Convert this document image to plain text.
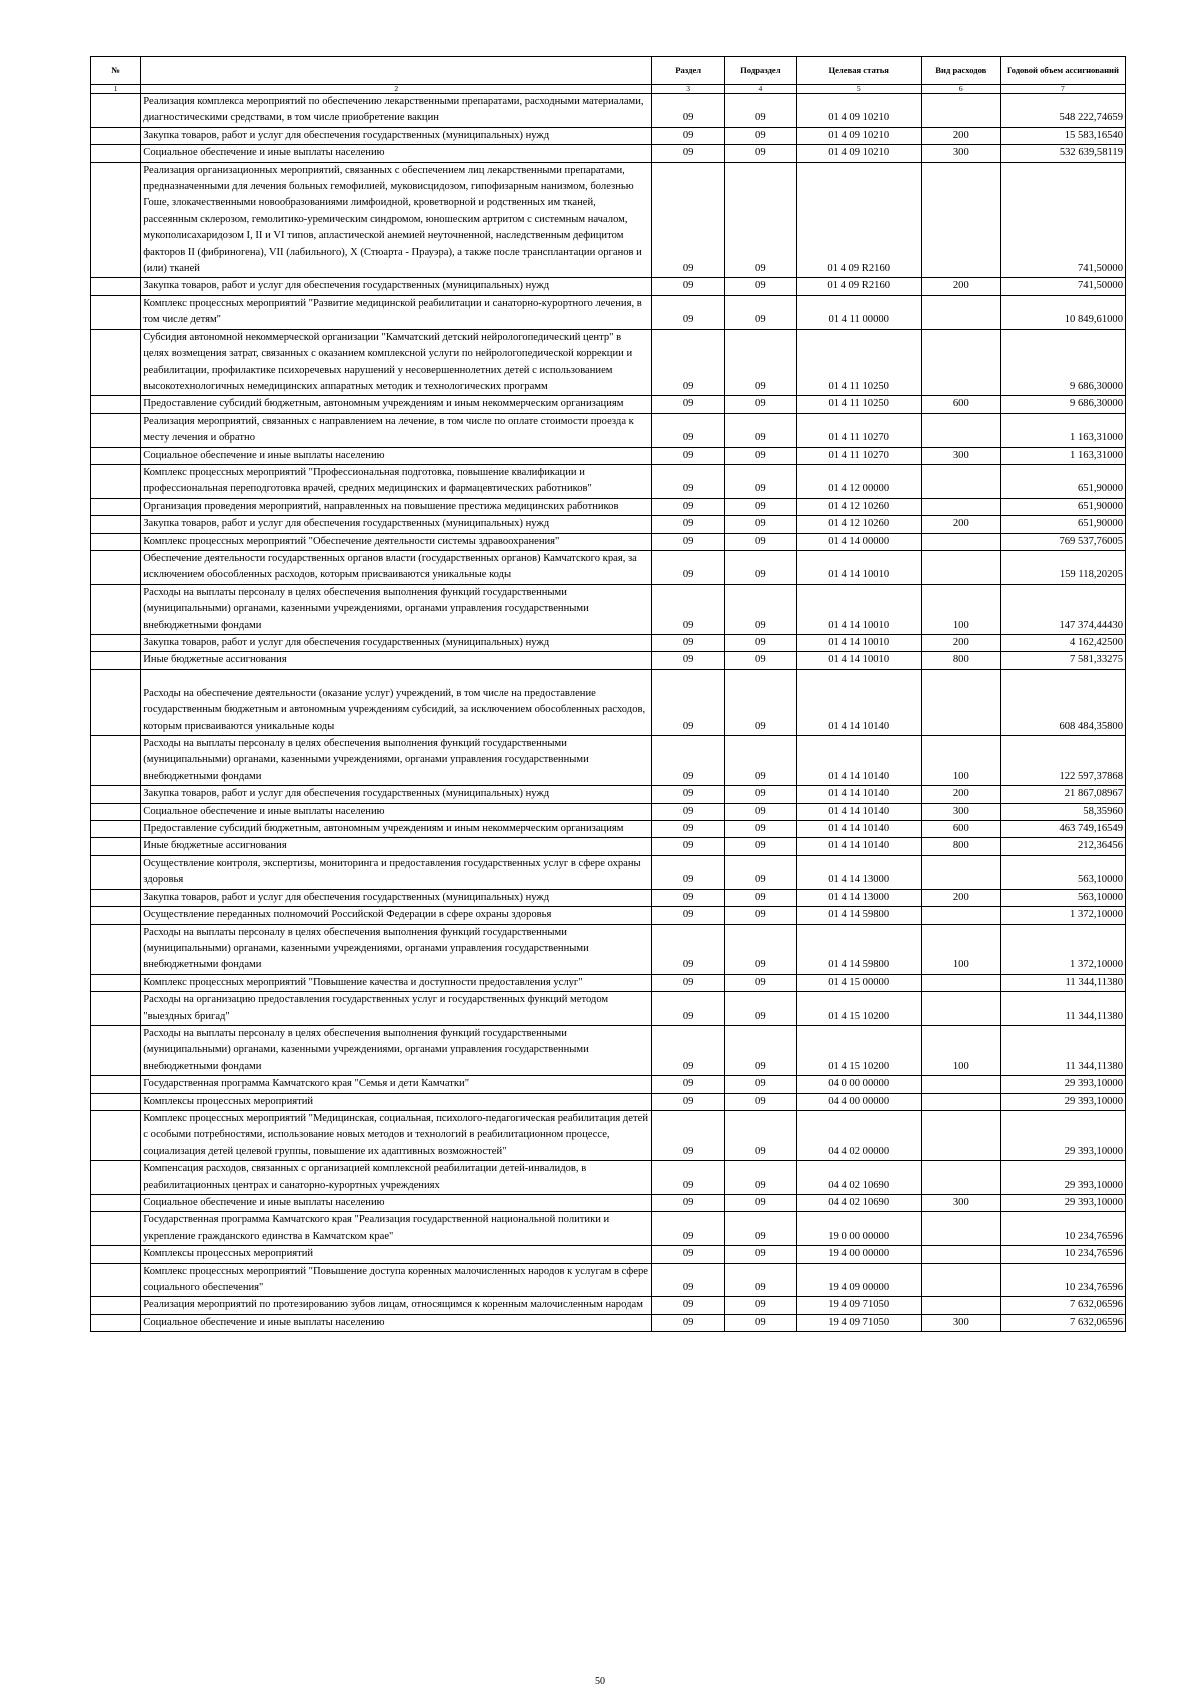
№		Раздел	Подраздел	Целевая статья	Вид расходов	Годовой объем ассигнований
1	2	3	4	5	6	7
	Реализация комплекса мероприятий по обеспечению лекарственными препаратами, расходными материалами, диагностическими средствами, в том числе приобретение вакцин	09	09	01 4 09 10210		548 222,74659
	Закупка товаров, работ и услуг для обеспечения государственных (муниципальных) нужд	09	09	01 4 09 10210	200	15 583,16540
	Социальное обеспечение и иные выплаты населению	09	09	01 4 09 10210	300	532 639,58119
	Реализация организационных мероприятий, связанных с обеспечением лиц лекарственными препаратами, предназначенными для лечения больных гемофилией, муковисцидозом, гипофизарным нанизмом, болезнью Гоше, злокачественными новообразованиями лимфоидной, кроветворной и родственных им тканей, рассеянным склерозом, гемолитико-уремическим синдромом, юношеским артритом с системным началом, мукополисахаридозом I, II и VI типов, апластической анемией неуточненной, наследственным дефицитом факторов II (фибриногена), VII (лабильного), X (Стюарта - Прауэра), а также после трансплантации органов и (или) тканей	09	09	01 4 09 R2160		741,50000
	Закупка товаров, работ и услуг для обеспечения государственных (муниципальных) нужд	09	09	01 4 09 R2160	200	741,50000
	Комплекс процессных мероприятий "Развитие медицинской реабилитации и санаторно-курортного лечения, в том числе детям"	09	09	01 4 11 00000		10 849,61000
	Субсидия автономной некоммерческой организации "Камчатский детский нейрологопедический центр" в целях возмещения затрат, связанных с оказанием комплексной услуги по нейрологопедической коррекции и реабилитации, профилактике психоречевых нарушений у несовершеннолетних детей с использованием высокотехнологичных немедицинских аппаратных методик и технологических программ	09	09	01 4 11 10250		9 686,30000
	Предоставление субсидий бюджетным, автономным учреждениям и иным некоммерческим организациям	09	09	01 4 11 10250	600	9 686,30000
	Реализация мероприятий, связанных с направлением на лечение, в том числе по оплате стоимости проезда к месту лечения и обратно	09	09	01 4 11 10270		1 163,31000
	Социальное обеспечение и иные выплаты населению	09	09	01 4 11 10270	300	1 163,31000
	Комплекс процессных мероприятий "Профессиональная подготовка, повышение квалификации и профессиональная переподготовка врачей, средних медицинских и фармацевтических работников"	09	09	01 4 12 00000		651,90000
	Организация проведения мероприятий, направленных на повышение престижа медицинских работников	09	09	01 4 12 10260		651,90000
	Закупка товаров, работ и услуг для обеспечения государственных (муниципальных) нужд	09	09	01 4 12 10260	200	651,90000
	Комплекс процессных мероприятий "Обеспечение деятельности системы здравоохранения"	09	09	01 4 14 00000		769 537,76005
	Обеспечение деятельности государственных органов власти (государственных органов) Камчатского края, за исключением обособленных расходов, которым присваиваются уникальные коды	09	09	01 4 14 10010		159 118,20205
	Расходы на выплаты персоналу в целях обеспечения выполнения функций государственными (муниципальными) органами, казенными учреждениями, органами управления государственными внебюджетными фондами	09	09	01 4 14 10010	100	147 374,44430
	Закупка товаров, работ и услуг для обеспечения государственных (муниципальных) нужд	09	09	01 4 14 10010	200	4 162,42500
	Иные бюджетные ассигнования	09	09	01 4 14 10010	800	7 581,33275
	Расходы на обеспечение деятельности (оказание услуг) учреждений, в том числе на предоставление государственным бюджетным и автономным учреждениям субсидий, за исключением обособленных расходов, которым присваиваются уникальные коды	09	09	01 4 14 10140		608 484,35800
	Расходы на выплаты персоналу в целях обеспечения выполнения функций государственными (муниципальными) органами, казенными учреждениями, органами управления государственными внебюджетными фондами	09	09	01 4 14 10140	100	122 597,37868
	Закупка товаров, работ и услуг для обеспечения государственных (муниципальных) нужд	09	09	01 4 14 10140	200	21 867,08967
	Социальное обеспечение и иные выплаты населению	09	09	01 4 14 10140	300	58,35960
	Предоставление субсидий бюджетным, автономным учреждениям и иным некоммерческим организациям	09	09	01 4 14 10140	600	463 749,16549
	Иные бюджетные ассигнования	09	09	01 4 14 10140	800	212,36456
	Осуществление контроля, экспертизы, мониторинга и предоставления государственных услуг в сфере охраны здоровья	09	09	01 4 14 13000		563,10000
	Закупка товаров, работ и услуг для обеспечения государственных (муниципальных) нужд	09	09	01 4 14 13000	200	563,10000
	Осуществление переданных полномочий Российской Федерации в сфере охраны здоровья	09	09	01 4 14 59800		1 372,10000
	Расходы на выплаты персоналу в целях обеспечения выполнения функций государственными (муниципальными) органами, казенными учреждениями, органами управления государственными внебюджетными фондами	09	09	01 4 14 59800	100	1 372,10000
	Комплекс процессных мероприятий "Повышение качества и доступности предоставления услуг"	09	09	01 4 15 00000		11 344,11380
	Расходы на организацию предоставления государственных услуг и государственных функций методом "выездных бригад"	09	09	01 4 15 10200		11 344,11380
	Расходы на выплаты персоналу в целях обеспечения выполнения функций государственными (муниципальными) органами, казенными учреждениями, органами управления государственными внебюджетными фондами	09	09	01 4 15 10200	100	11 344,11380
	Государственная программа Камчатского края "Семья и дети Камчатки"	09	09	04 0 00 00000		29 393,10000
	Комплексы процессных мероприятий	09	09	04 4 00 00000		29 393,10000
	Комплекс процессных мероприятий "Медицинская, социальная, психолого-педагогическая реабилитация детей с особыми потребностями, использование новых методов и технологий в реабилитационном процессе, социализация детей целевой группы, повышение их адаптивных возможностей"	09	09	04 4 02 00000		29 393,10000
	Компенсация расходов, связанных с организацией комплексной реабилитации детей-инвалидов, в реабилитационных центрах и санаторно-курортных учреждениях	09	09	04 4 02 10690		29 393,10000
	Социальное обеспечение и иные выплаты населению	09	09	04 4 02 10690	300	29 393,10000
	Государственная программа Камчатского края "Реализация государственной национальной политики и укрепление гражданского единства в Камчатском крае"	09	09	19 0 00 00000		10 234,76596
	Комплексы процессных мероприятий	09	09	19 4 00 00000		10 234,76596
	Комплекс процессных мероприятий "Повышение доступа коренных малочисленных народов к услугам в сфере социального обеспечения"	09	09	19 4 09 00000		10 234,76596
	Реализация мероприятий по протезированию зубов лицам, относящимся к коренным малочисленным народам	09	09	19 4 09 71050		7 632,06596
	Социальное обеспечение и иные выплаты населению	09	09	19 4 09 71050	300	7 632,06596
50
